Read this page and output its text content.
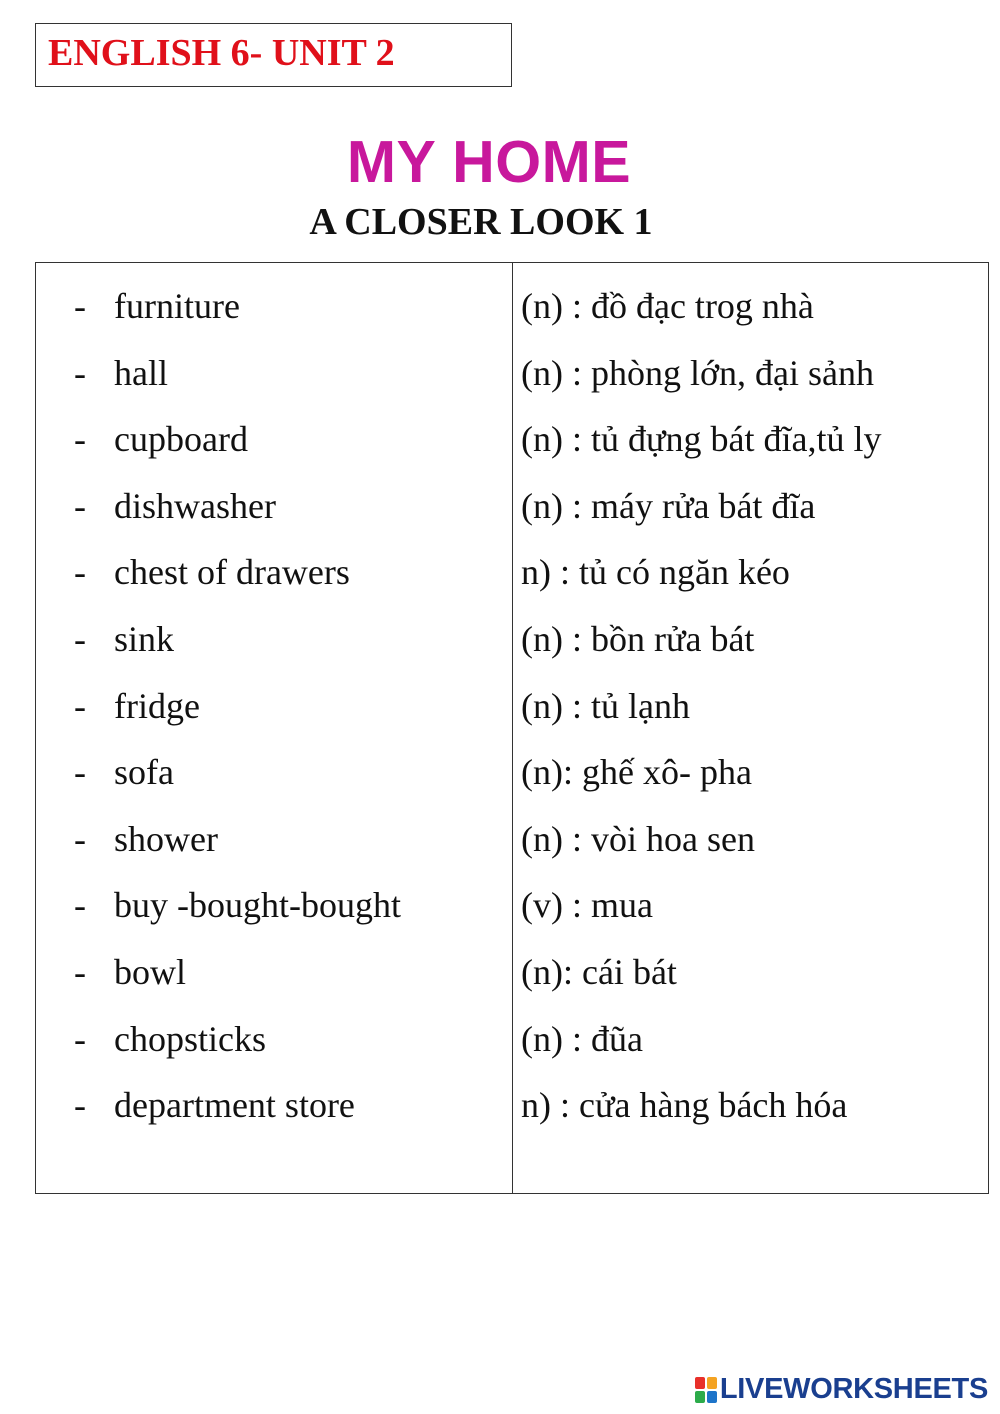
ENGLISH 6- UNIT 2
MY HOME
A CLOSER LOOK 1
- furniture
- hall
- cupboard
- dishwasher
- chest of drawers
- sink
- fridge
- sofa
- shower
- buy -bought-bought
- bowl
- chopsticks
- department store
(n) : đồ đạc trog nhà
(n) : phòng lớn, đại sảnh
(n) : tủ đựng bát đĩa,tủ ly
(n) : máy rửa bát đĩa
n) : tủ có ngăn kéo
(n) : bồn rửa bát
(n) : tủ lạnh
(n): ghế xô- pha
(n) : vòi hoa sen
(v) : mua
(n): cái bát
(n) : đũa
n) : cửa hàng bách hóa
LIVEWORKSHEETS
